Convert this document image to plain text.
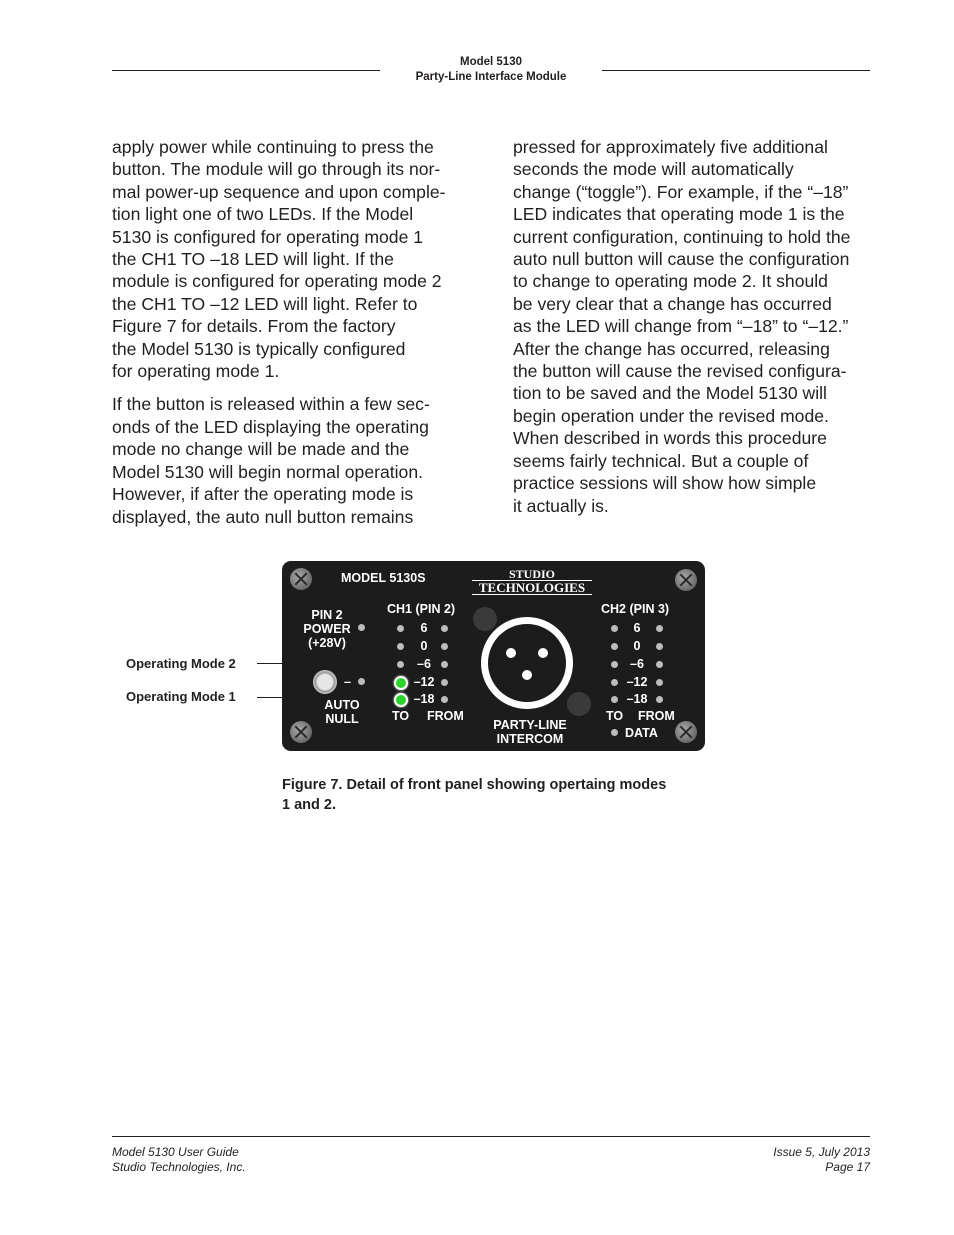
Model 5130
Party-Line Interface Module

apply power while continuing to press the
button. The module will go through its nor-
mal power-up sequence and upon comple-
tion light one of two LEDs. If the Model
5130 is configured for operating mode 1
the CH1 TO –18 LED will light. If the
module is configured for operating mode 2
the CH1 TO –12 LED will light. Refer to
Figure 7 for details. From the factory
the Model 5130 is typically configured
for operating mode 1.

If the button is released within a few sec-
onds of the LED displaying the operating
mode no change will be made and the
Model 5130 will begin normal operation.
However, if after the operating mode is
displayed, the auto null button remains

pressed for approximately five additional
seconds the mode will automatically
change (“toggle”). For example, if the “–18”
LED indicates that operating mode 1 is the
current configuration, continuing to hold the
auto null button will cause the configuration
to change to operating mode 2. It should
be very clear that a change has occurred
as the LED will change from “–18” to “–12.”
After the change has occurred, releasing
the button will cause the revised configura-
tion to be saved and the Model 5130 will
begin operation under the revised mode.
When described in words this procedure
seems fairly technical. But a couple of
practice sessions will show how simple
it actually is.

Operating Mode 2
Operating Mode 1
MODEL 5130S	STUDIO
TECHNOLOGIES
PIN 2
POWER
(+28V)
–
AUTO
NULL
CH1 (PIN 2)
6
0
–6
–12
–18
TO FROM
PARTY-LINE
INTERCOM
CH2 (PIN 3)
6
0
–6
–12
–18
TO FROM
DATA
Figure 7. Detail of front panel showing opertaing modes
1 and 2.
Model 5130 User Guide
Studio Technologies, Inc.
Issue 5, July 2013
Page 17
